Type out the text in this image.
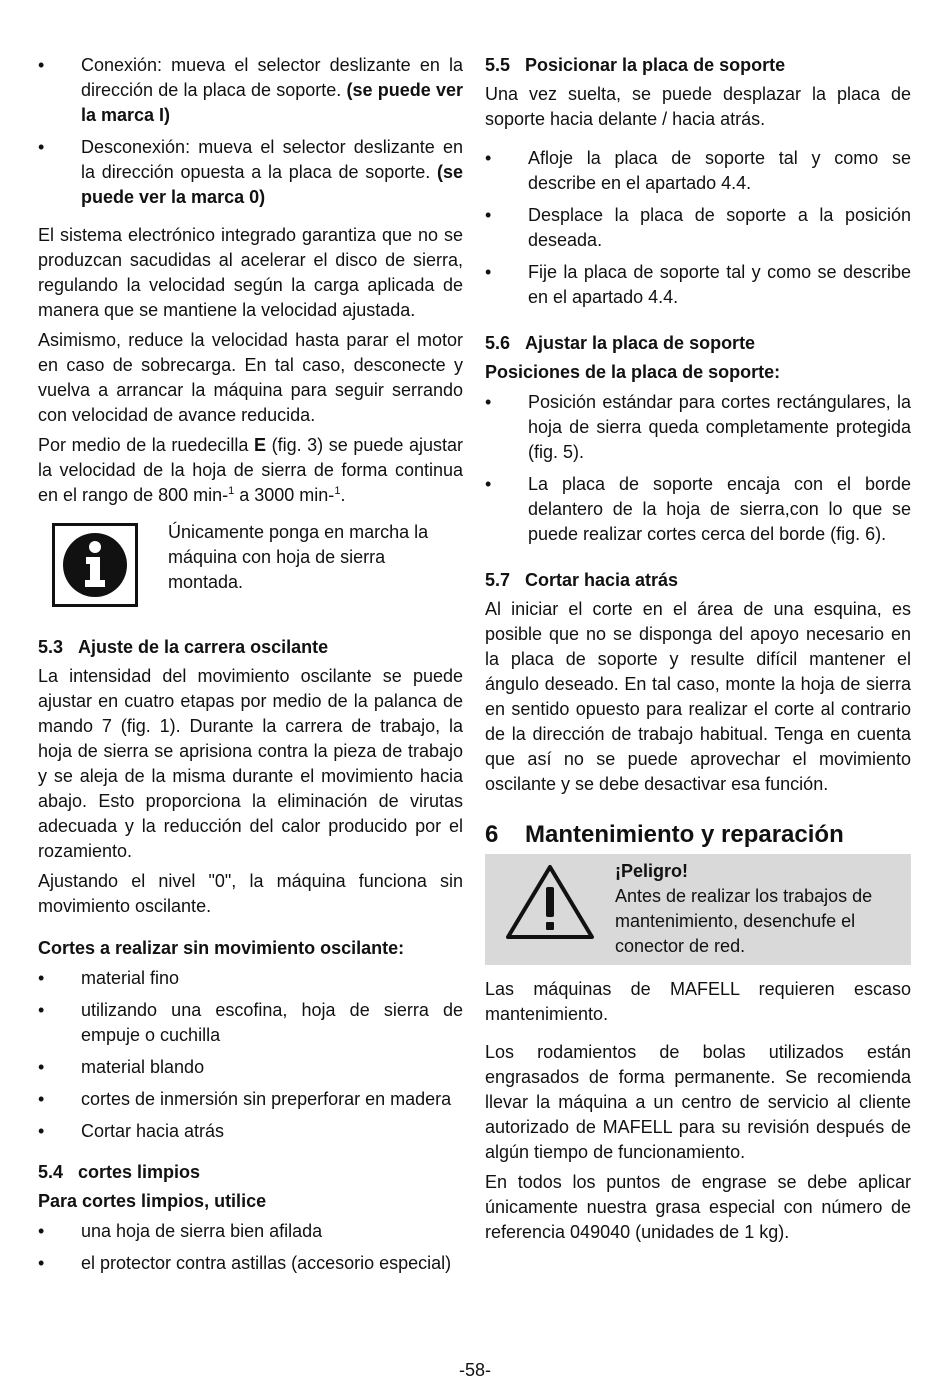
• Conexión: mueva el selector deslizante en la dirección de la placa de soporte. (se puede ver la marca I)
• Desconexión: mueva el selector deslizante en la dirección opuesta a la placa de soporte. (se puede ver la marca 0)

El sistema electrónico integrado garantiza que no se produzcan sacudidas al acelerar el disco de sierra, regulando la velocidad según la carga aplicada de manera que se mantiene la velocidad ajustada.

Asimismo, reduce la velocidad hasta parar el motor en caso de sobrecarga. En tal caso, desconecte y vuelva a arrancar la máquina para seguir serrando con velocidad de avance reducida.

Por medio de la ruedecilla E (fig. 3) se puede ajustar la velocidad de la hoja de sierra de forma continua en el rango de 800 min-$^1$ a 3000 min-$^1$.

Únicamente ponga en marcha la máquina con hoja de sierra montada.
5.3 Ajuste de la carrera oscilante

La intensidad del movimiento oscilante se puede ajustar en cuatro etapas por medio de la palanca de mando 7 (fig. 1). Durante la carrera de trabajo, la hoja de sierra se aprisiona contra la pieza de trabajo y se aleja de la misma durante el movimiento hacia abajo. Esto proporciona la eliminación de virutas adecuada y la reducción del calor producido por el rozamiento.

Ajustando el nivel "0", la máquina funciona sin movimiento oscilante.

Cortes a realizar sin movimiento oscilante:
• material fino
• utilizando una escofina, hoja de sierra de empuje o cuchilla
• material blando
• cortes de inmersión sin preperforar en madera
• Cortar hacia atrás
5.4 cortes limpios
Para cortes limpios, utilice
• una hoja de sierra bien afilada
• el protector contra astillas (accesorio especial)
5.5 Posicionar la placa de soporte

Una vez suelta, se puede desplazar la placa de soporte hacia delante / hacia atrás.

• Afloje la placa de soporte tal y como se describe en el apartado 4.4.
• Desplace la placa de soporte a la posición deseada.
• Fije la placa de soporte tal y como se describe en el apartado 4.4.
5.6 Ajustar la placa de soporte
Posiciones de la placa de soporte:
• Posición estándar para cortes rectángulares, la hoja de sierra queda completamente protegida (fig. 5).
• La placa de soporte encaja con el borde delantero de la hoja de sierra,con lo que se puede realizar cortes cerca del borde (fig. 6).
5.7 Cortar hacia atrás

Al iniciar el corte en el área de una esquina, es posible que no se disponga del apoyo necesario en la placa de soporte y resulte difícil mantener el ángulo deseado. En tal caso, monte la hoja de sierra en sentido opuesto para realizar el corte al contrario de la dirección de trabajo habitual. Tenga en cuenta que así no se puede aprovechar el movimiento oscilante y se debe desactivar esa función.

6 Mantenimiento y reparación
¡Peligro!
Antes de realizar los trabajos de mantenimiento, desenchufe el conector de red.

Las máquinas de MAFELL requieren escaso mantenimiento.

Los rodamientos de bolas utilizados están engrasados de forma permanente. Se recomienda llevar la máquina a un centro de servicio al cliente autorizado de MAFELL para su revisión después de algún tiempo de funcionamiento.

En todos los puntos de engrase se debe aplicar únicamente nuestra grasa especial con número de referencia 049040 (unidades de 1 kg).

-58-
